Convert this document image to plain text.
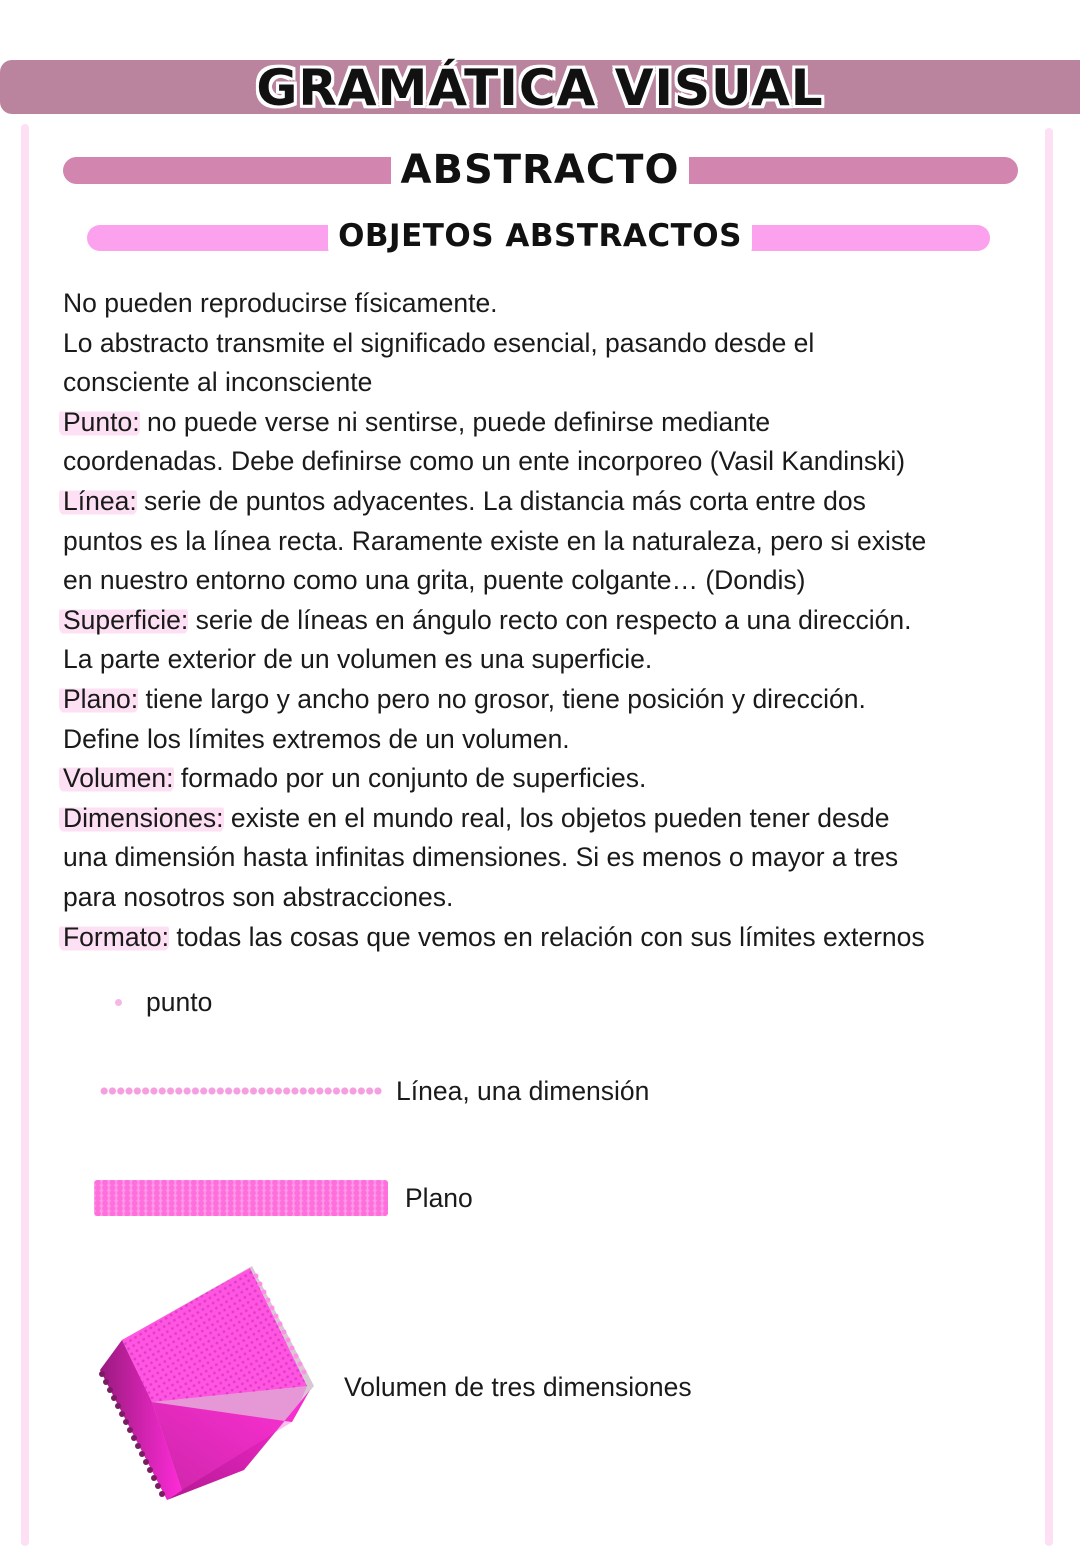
GRAMÁTICA VISUAL
ABSTRACTO
OBJETOS ABSTRACTOS

No pueden reproducirse físicamente.

Lo abstracto transmite el significado esencial, pasando desde el

consciente al inconsciente

Punto: no puede verse ni sentirse, puede definirse mediante

coordenadas. Debe definirse como un ente incorporeo (Vasil Kandinski)

Línea: serie de puntos adyacentes. La distancia más corta entre dos

puntos es la línea recta. Raramente existe en la naturaleza, pero si existe

en nuestro entorno como una grita, puente colgante… (Dondis)

Superficie: serie de líneas en ángulo recto con respecto a una dirección.

La parte exterior de un volumen es una superficie.

Plano: tiene largo y ancho pero no grosor, tiene posición y dirección.

Define los límites extremos de un volumen.

Volumen: formado por un conjunto de superficies.

Dimensiones: existe en el mundo real, los objetos pueden tener desde

una dimensión hasta infinitas dimensiones. Si es menos o mayor a tres

para nosotros son abstracciones.

Formato: todas las cosas que vemos en relación con sus límites externos

punto
Línea, una dimensión
Plano
Volumen de tres dimensiones
